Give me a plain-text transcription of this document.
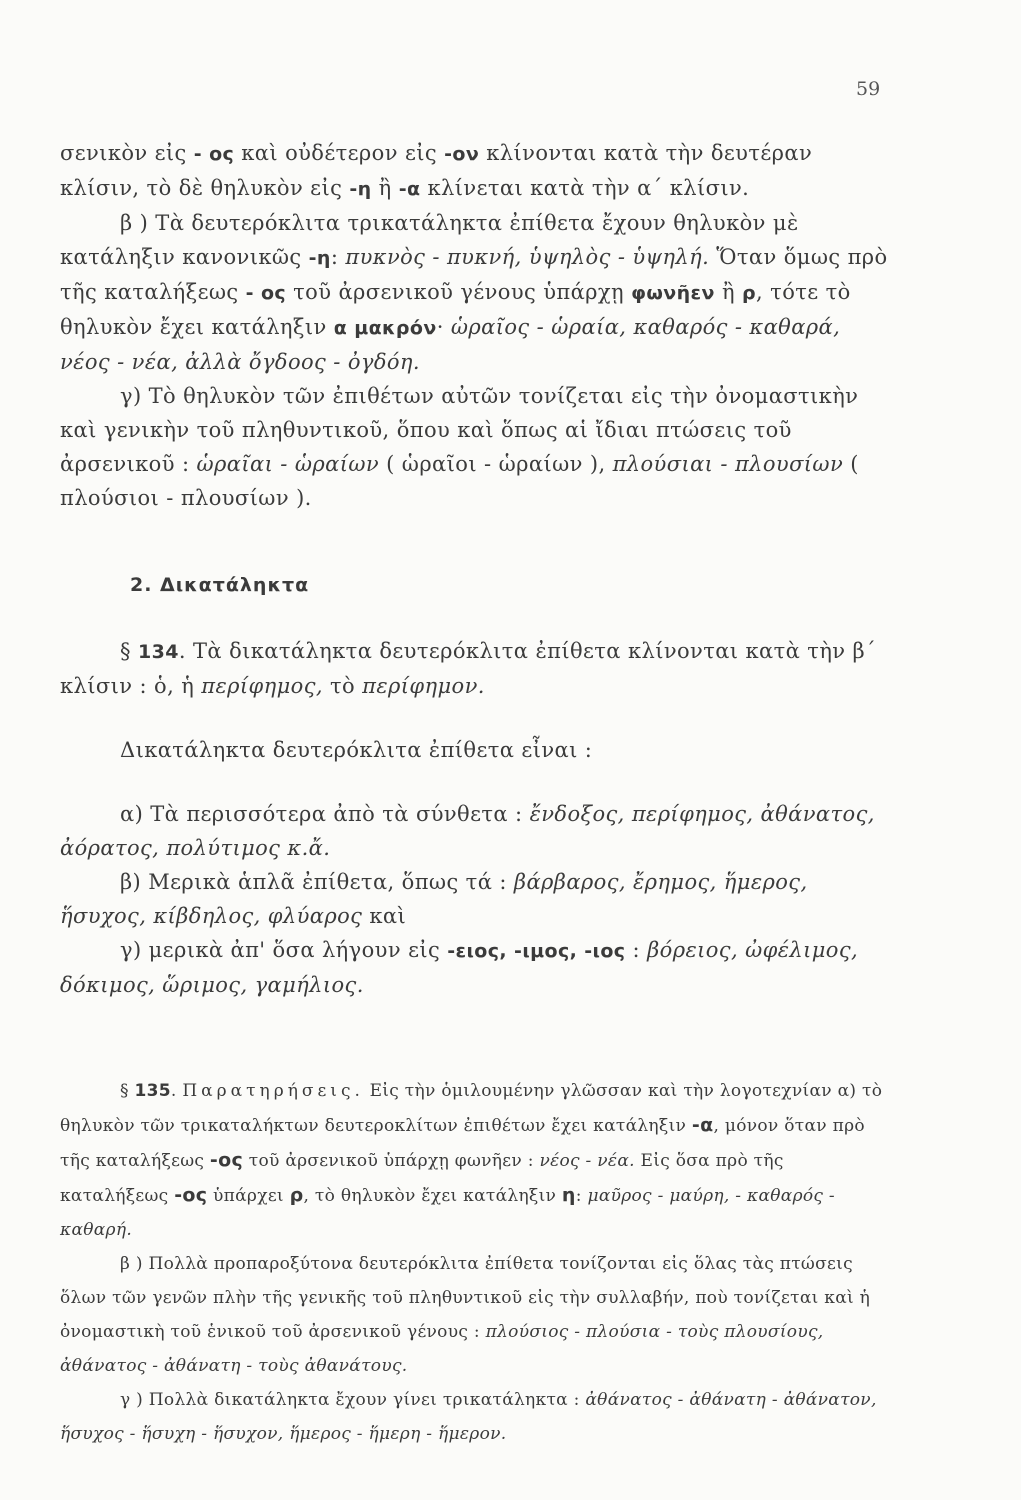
59

σενικὸν εἰς - ος καὶ οὐδέτερον εἰς -ον κλίνονται κατὰ τὴν δευτέραν κλίσιν, τὸ δὲ θηλυκὸν εἰς -η ἢ -α κλίνεται κατὰ τὴν α΄ κλίσιν.

β ) Τὰ δευτερόκλιτα τρικατάληκτα ἐπίθετα ἔχουν θηλυκὸν μὲ κατάληξιν κανονικῶς -η: πυκνὸς - πυκνή, ὑψηλὸς - ὑψηλή. Ὅταν ὅμως πρὸ τῆς καταλήξεως - ος τοῦ ἀρσενικοῦ γένους ὑπάρχῃ φωνῆεν ἢ ρ, τότε τὸ θηλυκὸν ἔχει κατάληξιν α μακρόν· ὡραῖος - ὡραία, καθαρός - καθαρά, νέος - νέα, ἀλλὰ ὄγδοος - ὀγδόη.

γ) Τὸ θηλυκὸν τῶν ἐπιθέτων αὐτῶν τονίζεται εἰς τὴν ὀνομαστικὴν καὶ γενικὴν τοῦ πληθυντικοῦ, ὅπου καὶ ὅπως αἱ ἴδιαι πτώσεις τοῦ ἀρσενικοῦ : ὡραῖαι - ὡραίων ( ὡραῖοι - ὡραίων ), πλούσιαι - πλουσίων ( πλούσιοι - πλουσίων ).

2. Δικατάληκτα

§ 134. Τὰ δικατάληκτα δευτερόκλιτα ἐπίθετα κλίνονται κατὰ τὴν β΄ κλίσιν : ὁ, ἡ περίφημος, τὸ περίφημον.

Δικατάληκτα δευτερόκλιτα ἐπίθετα εἶναι :

α) Τὰ περισσότερα ἀπὸ τὰ σύνθετα : ἔνδοξος, περίφημος, ἀθάνατος, ἀόρατος, πολύτιμος κ.ἄ.

β) Μερικὰ ἁπλᾶ ἐπίθετα, ὅπως τά : βάρβαρος, ἔρημος, ἥμερος, ἥσυχος, κίβδηλος, φλύαρος καὶ

γ) μερικὰ ἀπ' ὅσα λήγουν εἰς -ειος, -ιμος, -ιος : βόρειος, ὠφέλιμος, δόκιμος, ὥριμος, γαμήλιος.

§ 135. Παρατηρήσεις. Εἰς τὴν ὁμιλουμένην γλῶσσαν καὶ τὴν λογοτεχνίαν α) τὸ θηλυκὸν τῶν τρικαταλήκτων δευτεροκλίτων ἐπιθέτων ἔχει κατάληξιν -α, μόνον ὅταν πρὸ τῆς καταλήξεως -ος τοῦ ἀρσενικοῦ ὑπάρχῃ φωνῆεν : νέος - νέα. Εἰς ὅσα πρὸ τῆς καταλήξεως -ος ὑπάρχει ρ, τὸ θηλυκὸν ἔχει κατάληξιν η: μαῦρος - μαύρη, - καθαρός - καθαρή.

β ) Πολλὰ προπαροξύτονα δευτερόκλιτα ἐπίθετα τονίζονται εἰς ὅλας τὰς πτώσεις ὅλων τῶν γενῶν πλὴν τῆς γενικῆς τοῦ πληθυντικοῦ εἰς τὴν συλλαβήν, ποὺ τονίζεται καὶ ἡ ὀνομαστικὴ τοῦ ἑνικοῦ τοῦ ἀρσενικοῦ γένους : πλούσιος - πλούσια - τοὺς πλουσίους, ἀθάνατος - ἀθάνατη - τοὺς ἀθανάτους.

γ ) Πολλὰ δικατάληκτα ἔχουν γίνει τρικατάληκτα : ἀθάνατος - ἀθάνατη - ἀθάνατον, ἥσυχος - ἥσυχη - ἥσυχον, ἥμερος - ἥμερη - ἥμερον.
